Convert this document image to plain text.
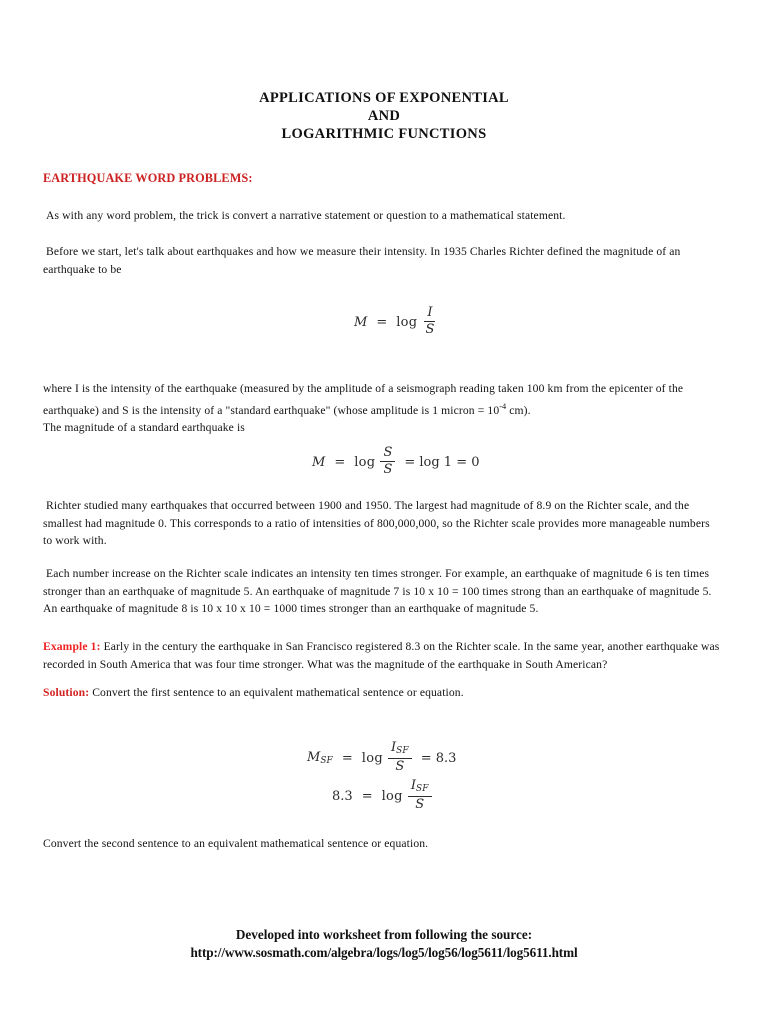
APPLICATIONS OF EXPONENTIAL
AND
LOGARITHMIC FUNCTIONS
EARTHQUAKE WORD PROBLEMS:
As with any word problem, the trick is convert a narrative statement or question to a mathematical statement.
Before we start, let's talk about earthquakes and how we measure their intensity. In 1935 Charles Richter defined the magnitude of an earthquake to be
$M = \log \frac{I}{S}$
where I is the intensity of the earthquake (measured by the amplitude of a seismograph reading taken 100 km from the epicenter of the earthquake) and S is the intensity of a "standard earthquake" (whose amplitude is 1 micron = $10^{-4}$ cm).
The magnitude of a standard earthquake is
$M = \log \frac{S}{S} = \log 1 = 0$
Richter studied many earthquakes that occurred between 1900 and 1950. The largest had magnitude of 8.9 on the Richter scale, and the smallest had magnitude 0. This corresponds to a ratio of intensities of 800,000,000, so the Richter scale provides more manageable numbers to work with.
Each number increase on the Richter scale indicates an intensity ten times stronger. For example, an earthquake of magnitude 6 is ten times stronger than an earthquake of magnitude 5. An earthquake of magnitude 7 is 10 x 10 = 100 times strong than an earthquake of magnitude 5. An earthquake of magnitude 8 is 10 x 10 x 10 = 1000 times stronger than an earthquake of magnitude 5.
Example 1: Early in the century the earthquake in San Francisco registered 8.3 on the Richter scale. In the same year, another earthquake was recorded in South America that was four time stronger. What was the magnitude of the earthquake in South American?
Solution: Convert the first sentence to an equivalent mathematical sentence or equation.
MSF = $\log \frac{\text{ISF}}{S} = 8.3$
$8.3 = \log \frac{\text{ISF}}{S}$
Convert the second sentence to an equivalent mathematical sentence or equation.
Developed into worksheet from following the source:
http://www.sosmath.com/algebra/logs/log5/log56/log5611/log5611.html
